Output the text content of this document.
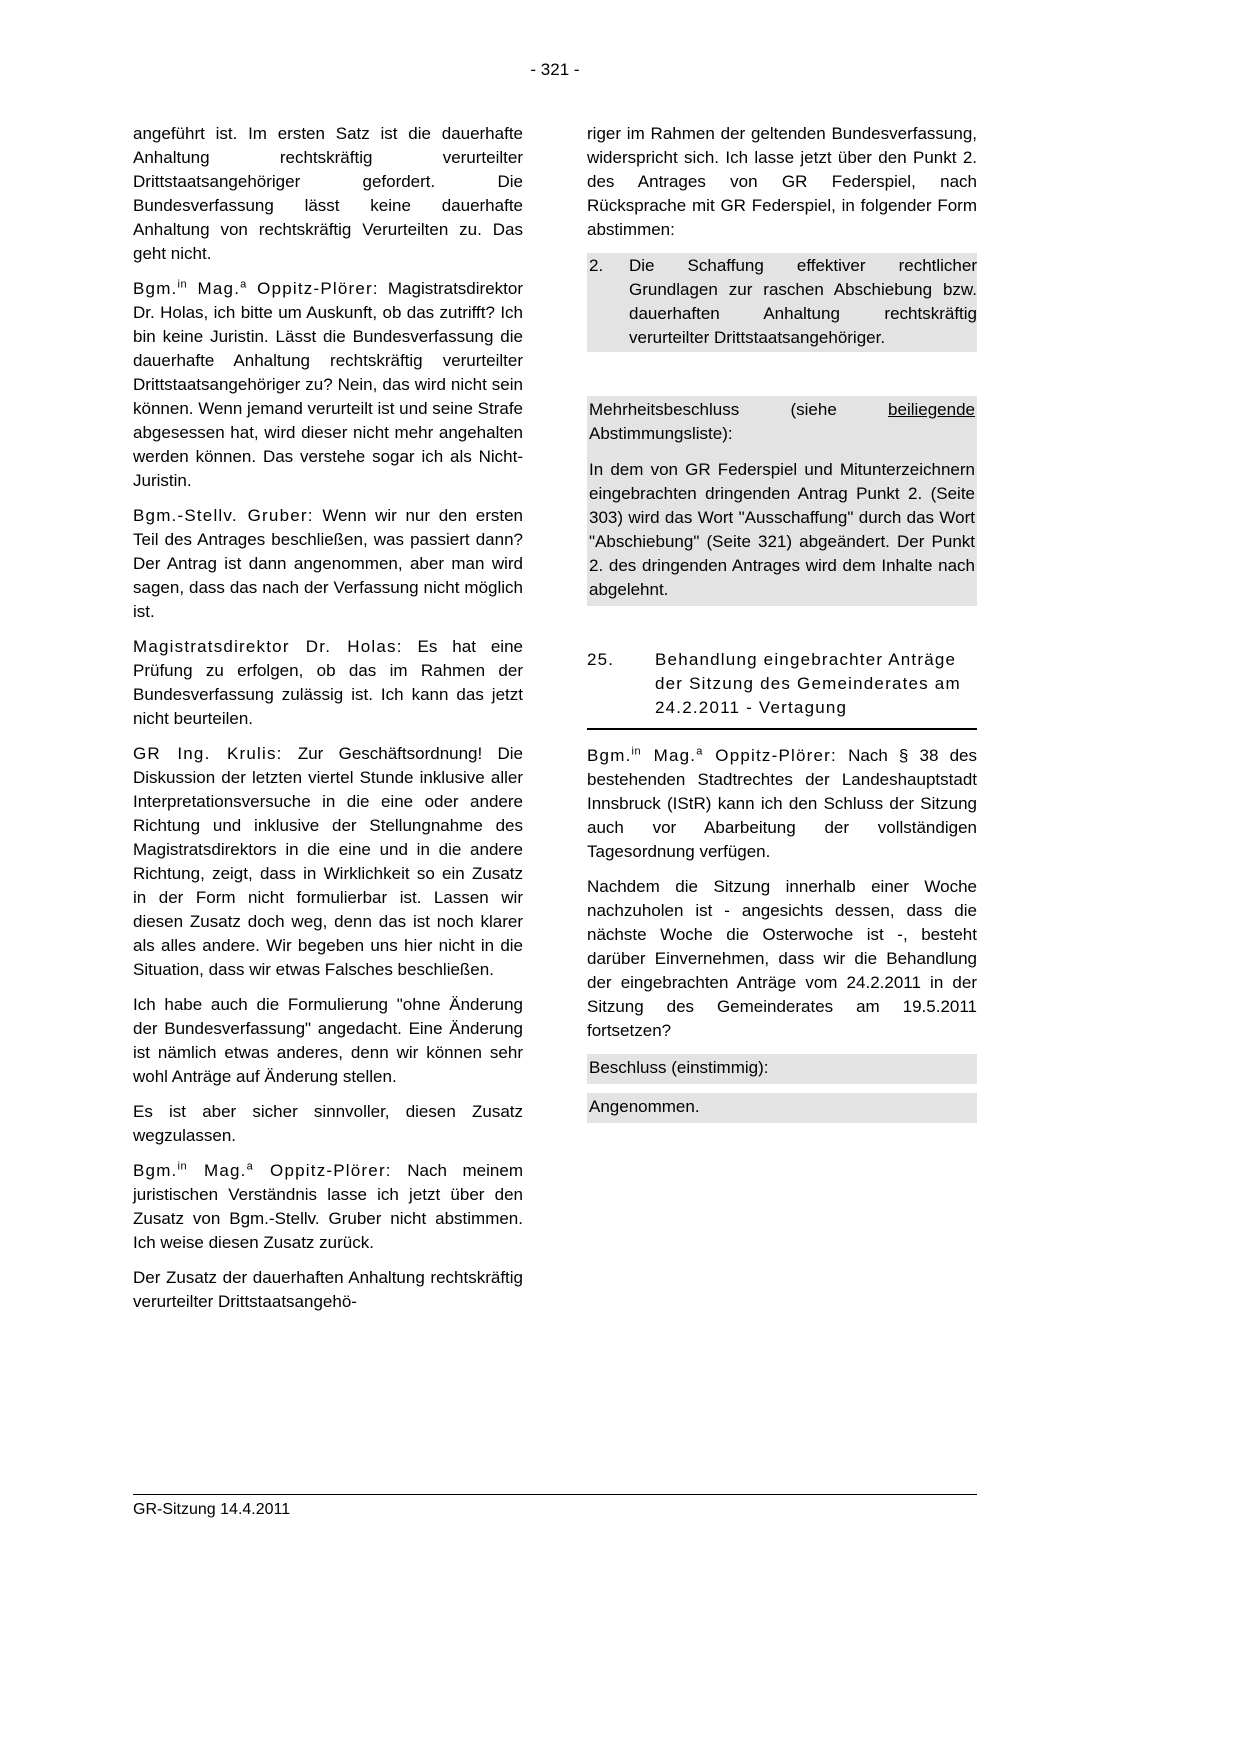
- 321 -

angeführt ist. Im ersten Satz ist die dauerhafte Anhaltung rechtskräftig verurteilter Drittstaatsangehöriger gefordert. Die Bundesverfassung lässt keine dauerhafte Anhaltung von rechtskräftig Verurteilten zu. Das geht nicht.

Bgm.$^{in}$ Mag.$^a$ Oppitz-Plörer: Magistratsdirektor Dr. Holas, ich bitte um Auskunft, ob das zutrifft? Ich bin keine Juristin. Lässt die Bundesverfassung die dauerhafte Anhaltung rechtskräftig verurteilter Drittstaatsangehöriger zu? Nein, das wird nicht sein können. Wenn jemand verurteilt ist und seine Strafe abgesessen hat, wird dieser nicht mehr angehalten werden können. Das verstehe sogar ich als Nicht-Juristin.

Bgm.-Stellv. Gruber: Wenn wir nur den ersten Teil des Antrages beschließen, was passiert dann? Der Antrag ist dann angenommen, aber man wird sagen, dass das nach der Verfassung nicht möglich ist.

Magistratsdirektor Dr. Holas: Es hat eine Prüfung zu erfolgen, ob das im Rahmen der Bundesverfassung zulässig ist. Ich kann das jetzt nicht beurteilen.

GR Ing. Krulis: Zur Geschäftsordnung! Die Diskussion der letzten viertel Stunde inklusive aller Interpretationsversuche in die eine oder andere Richtung und inklusive der Stellungnahme des Magistratsdirektors in die eine und in die andere Richtung, zeigt, dass in Wirklichkeit so ein Zusatz in der Form nicht formulierbar ist. Lassen wir diesen Zusatz doch weg, denn das ist noch klarer als alles andere. Wir begeben uns hier nicht in die Situation, dass wir etwas Falsches beschließen.

Ich habe auch die Formulierung "ohne Änderung der Bundesverfassung" angedacht. Eine Änderung ist nämlich etwas anderes, denn wir können sehr wohl Anträge auf Änderung stellen.

Es ist aber sicher sinnvoller, diesen Zusatz wegzulassen.

Bgm.$^{in}$ Mag.$^a$ Oppitz-Plörer: Nach meinem juristischen Verständnis lasse ich jetzt über den Zusatz von Bgm.-Stellv. Gruber nicht abstimmen. Ich weise diesen Zusatz zurück.

Der Zusatz der dauerhaften Anhaltung rechtskräftig verurteilter Drittstaatsangehö-

riger im Rahmen der geltenden Bundesverfassung, widerspricht sich. Ich lasse jetzt über den Punkt 2. des Antrages von GR Federspiel, nach Rücksprache mit GR Federspiel, in folgender Form abstimmen:

2.	Die Schaffung effektiver rechtlicher Grundlagen zur raschen Abschiebung bzw. dauerhaften Anhaltung rechtskräftig verurteilter Drittstaatsangehöriger.

Mehrheitsbeschluss (siehe beiliegende Abstimmungsliste):

In dem von GR Federspiel und Mitunterzeichnern eingebrachten dringenden Antrag Punkt 2. (Seite 303) wird das Wort "Ausschaffung" durch das Wort "Abschiebung" (Seite 321) abgeändert. Der Punkt 2. des dringenden Antrages wird dem Inhalte nach abgelehnt.

25.	Behandlung eingebrachter Anträge der Sitzung des Gemeinderates am 24.2.2011 - Vertagung

Bgm.$^{in}$ Mag.$^a$ Oppitz-Plörer: Nach § 38 des bestehenden Stadtrechtes der Landeshauptstadt Innsbruck (IStR) kann ich den Schluss der Sitzung auch vor Abarbeitung der vollständigen Tagesordnung verfügen.

Nachdem die Sitzung innerhalb einer Woche nachzuholen ist - angesichts dessen, dass die nächste Woche die Osterwoche ist -, besteht darüber Einvernehmen, dass wir die Behandlung der eingebrachten Anträge vom 24.2.2011 in der Sitzung des Gemeinderates am 19.5.2011 fortsetzen?

Beschluss (einstimmig):

Angenommen.

GR-Sitzung 14.4.2011
